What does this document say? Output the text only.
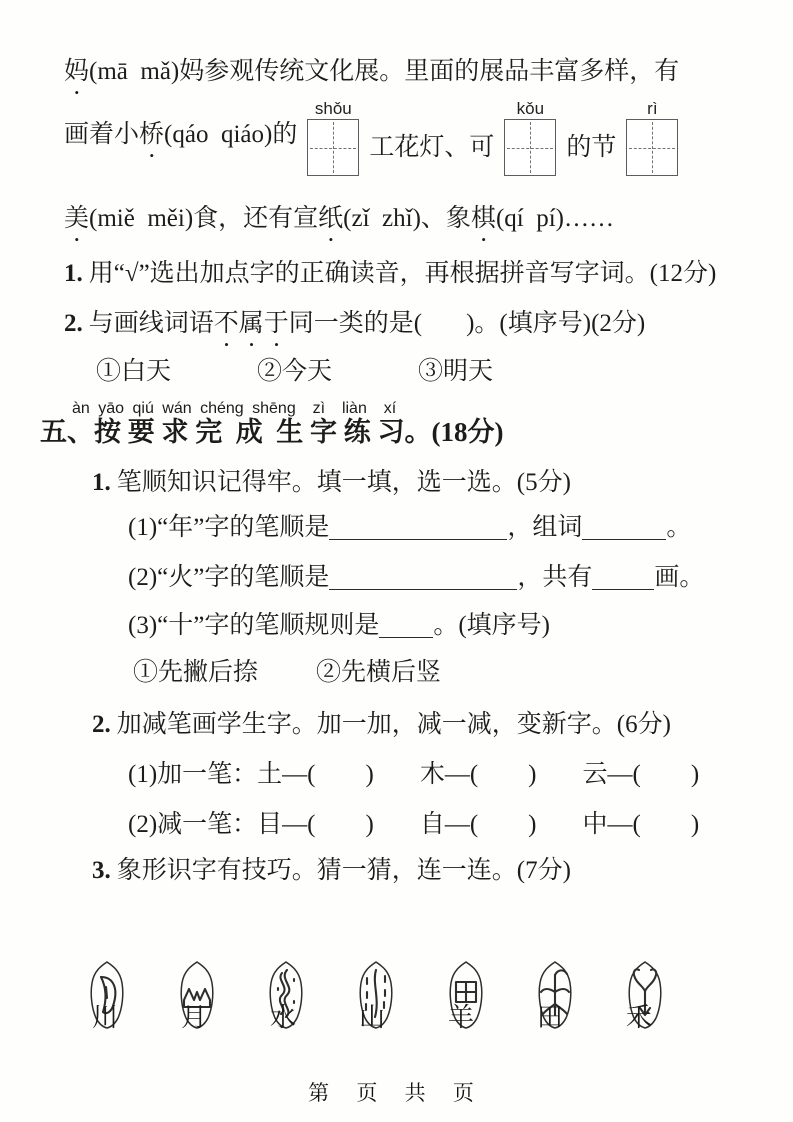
妈(mā  mǎ)妈参观传统文化展。里面的展品丰富多样，有
画着小桥(qáo  qiáo)的
shǒu
工花灯、可
kǒu
的节
rì
美(miě  měi)食，还有宣纸(zǐ  zhǐ)、象棋(qí  pí)……
1. 用“√”选出加点字的正确读音，再根据拼音写字词。(12分)
2. 与画线词语不属于同一类的是( )。(填序号)(2分)
①白天	②今天	③明天
àn yāo qiú wán chéng shēng  zì  liàn  xí
五、按 要 求 完  成  生 字 练 习。(18分)
1. 笔顺知识记得牢。填一填，选一选。(5分)
(1)“年”字的笔顺是	，组词	。
(2)“火”字的笔顺是	，共有 画。
(3)“十”字的笔顺规则是 。(填序号)
①先撇后捺 ②先横后竖
2. 加减笔画学生字。加一加，减一减，变新字。(6分)
(1)加一笔： 土—( ) 木—( ) 云—( )
(2)减一笔： 目—( ) 自—( ) 中—( )
3. 象形识字有技巧。猜一猜，连一连。(7分)

川 月 水 山 羊 田 禾
第 页 共 页
